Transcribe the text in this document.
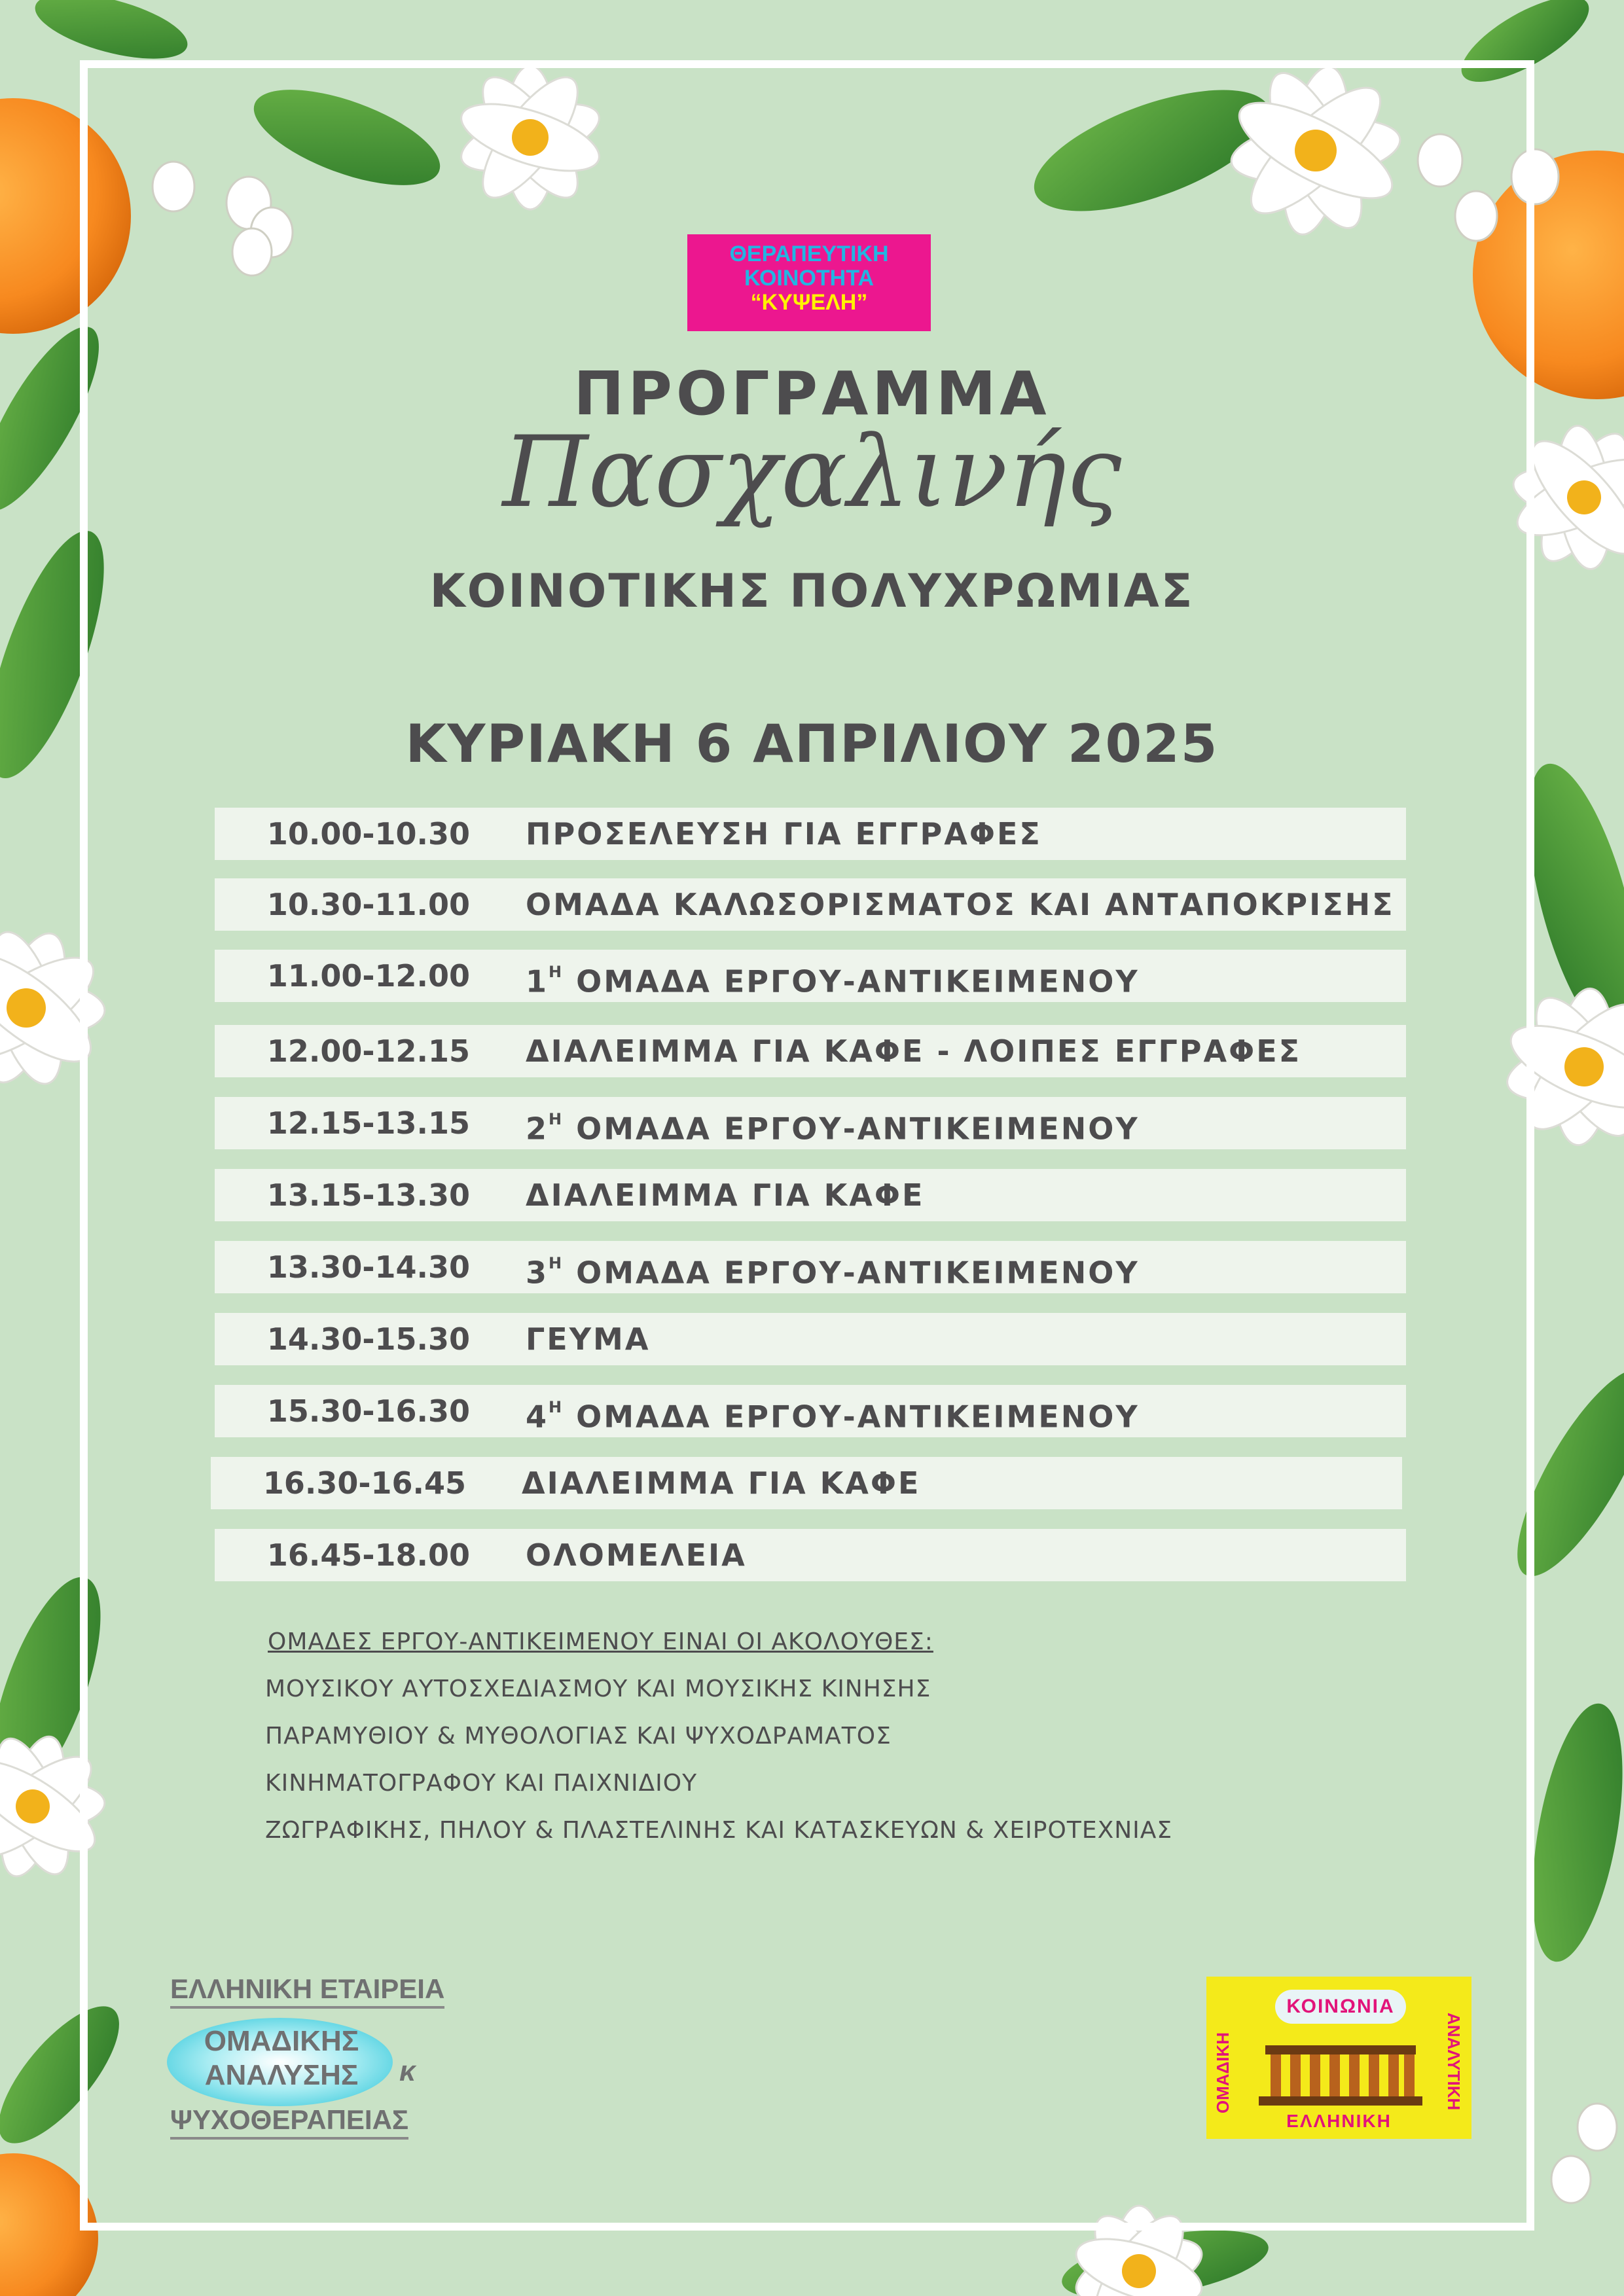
ΘΕΡΑΠΕΥΤΙΚΗ
ΚΟΙΝΟΤΗΤΑ
“ΚΥΨΕΛΗ”
ΠΡΟΓΡΑΜΜΑ
Πασχαλινής
ΚΟΙΝΟΤΙΚΗΣ ΠΟΛΥΧΡΩΜΙΑΣ
ΚΥΡΙΑΚΗ 6 ΑΠΡΙΛΙΟΥ 2025
10.00-10.30 ΠΡΟΣΕΛΕΥΣΗ ΓΙΑ ΕΓΓΡΑΦΕΣ
10.30-11.00 ΟΜΑΔΑ ΚΑΛΩΣΟΡΙΣΜΑΤΟΣ ΚΑΙ ΑΝΤΑΠΟΚΡΙΣΗΣ
11.00-12.00 $1^H$ ΟΜΑΔΑ ΕΡΓΟΥ-ΑΝΤΙΚΕΙΜΕΝΟΥ
12.00-12.15 ΔΙΑΛΕΙΜΜΑ ΓΙΑ ΚΑΦΕ - ΛΟΙΠΕΣ ΕΓΓΡΑΦΕΣ
12.15-13.15 $2^H$ ΟΜΑΔΑ ΕΡΓΟΥ-ΑΝΤΙΚΕΙΜΕΝΟΥ
13.15-13.30 ΔΙΑΛΕΙΜΜΑ ΓΙΑ ΚΑΦΕ
13.30-14.30 $3^H$ ΟΜΑΔΑ ΕΡΓΟΥ-ΑΝΤΙΚΕΙΜΕΝΟΥ
14.30-15.30 ΓΕΥΜΑ
15.30-16.30 $4^H$ ΟΜΑΔΑ ΕΡΓΟΥ-ΑΝΤΙΚΕΙΜΕΝΟΥ
16.30-16.45 ΔΙΑΛΕΙΜΜΑ ΓΙΑ ΚΑΦΕ
16.45-18.00 ΟΛΟΜΕΛΕΙΑ
ΟΜΑΔΕΣ ΕΡΓΟΥ-ΑΝΤΙΚΕΙΜΕΝΟΥ ΕΙΝΑΙ ΟΙ ΑΚΟΛΟΥΘΕΣ:
ΜΟΥΣΙΚΟΥ ΑΥΤΟΣΧΕΔΙΑΣΜΟΥ ΚΑΙ ΜΟΥΣΙΚΗΣ ΚΙΝΗΣΗΣ
ΠΑΡΑΜΥΘΙΟΥ & ΜΥΘΟΛΟΓΙΑΣ ΚΑΙ ΨΥΧΟΔΡΑΜΑΤΟΣ
ΚΙΝΗΜΑΤΟΓΡΑΦΟΥ ΚΑΙ ΠΑΙΧΝΙΔΙΟΥ
ΖΩΓΡΑΦΙΚΗΣ, ΠΗΛΟΥ & ΠΛΑΣΤΕΛΙΝΗΣ ΚΑΙ ΚΑΤΑΣΚΕΥΩΝ & ΧΕΙΡΟΤΕΧΝΙΑΣ
ΕΛΛΗΝΙΚΗ ΕΤΑΙΡΕΙΑ
ΟΜΑΔΙΚΗΣ
ΑΝΑΛΥΣΗΣ κ
ΨΥΧΟΘΕΡΑΠΕΙΑΣ
ΚΟΙΝΩΝΙΑ
ΟΜΑΔΙΚΗ	ΑΝΑΛΥΤΙΚΗ
ΕΛΛΗΝΙΚΗ
